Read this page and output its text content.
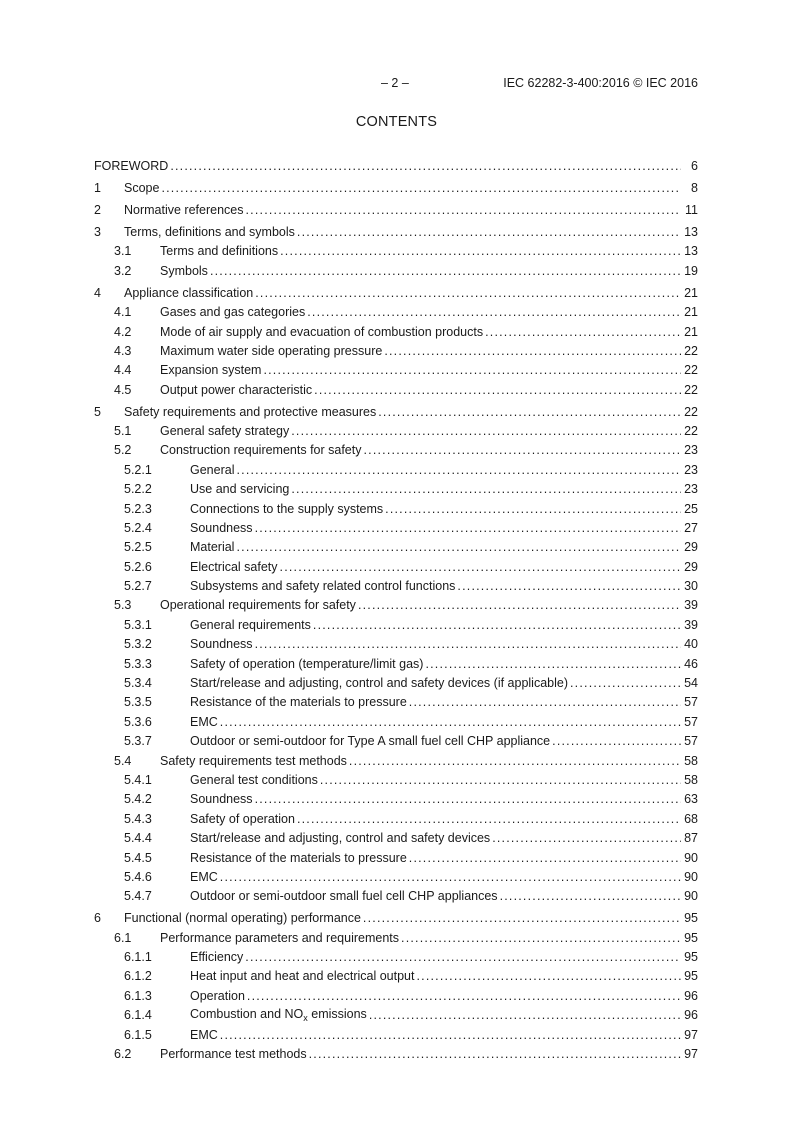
– 2 –	IEC 62282-3-400:2016 © IEC 2016
CONTENTS
FOREWORD .....	6
1 Scope .....	8
2 Normative references .....	11
3 Terms, definitions and symbols .....	13
3.1 Terms and definitions .....	13
3.2 Symbols .....	19
4 Appliance classification .....	21
4.1 Gases and gas categories .....	21
4.2 Mode of air supply and evacuation of combustion products .....	21
4.3 Maximum water side operating pressure .....	22
4.4 Expansion system .....	22
4.5 Output power characteristic .....	22
5 Safety requirements and protective measures .....	22
5.1 General safety strategy .....	22
5.2 Construction requirements for safety .....	23
5.2.1	General .....	23
5.2.2	Use and servicing .....	23
5.2.3	Connections to the supply systems .....	25
5.2.4	Soundness .....	27
5.2.5	Material .....	29
5.2.6	Electrical safety .....	29
5.2.7	Subsystems and safety related control functions .....	30
5.3 Operational requirements for safety .....	39
5.3.1	General requirements .....	39
5.3.2	Soundness .....	40
5.3.3	Safety of operation (temperature/limit gas) .....	46
5.3.4	Start/release and adjusting, control and safety devices (if applicable) .....	54
5.3.5	Resistance of the materials to pressure .....	57
5.3.6	EMC .....	57
5.3.7	Outdoor or semi-outdoor for Type A small fuel cell CHP appliance .....	57
5.4 Safety requirements test methods .....	58
5.4.1	General test conditions .....	58
5.4.2	Soundness .....	63
5.4.3	Safety of operation .....	68
5.4.4	Start/release and adjusting, control and safety devices .....	87
5.4.5	Resistance of the materials to pressure .....	90
5.4.6	EMC .....	90
5.4.7	Outdoor or semi-outdoor small fuel cell CHP appliances .....	90
6 Functional (normal operating) performance .....	95
6.1 Performance parameters and requirements .....	95
6.1.1	Efficiency .....	95
6.1.2	Heat input and heat and electrical output .....	95
6.1.3	Operation .....	96
6.1.4	Combustion and $NO_x$ emissions .....	96
6.1.5	EMC .....	97
6.2 Performance test methods .....	97
